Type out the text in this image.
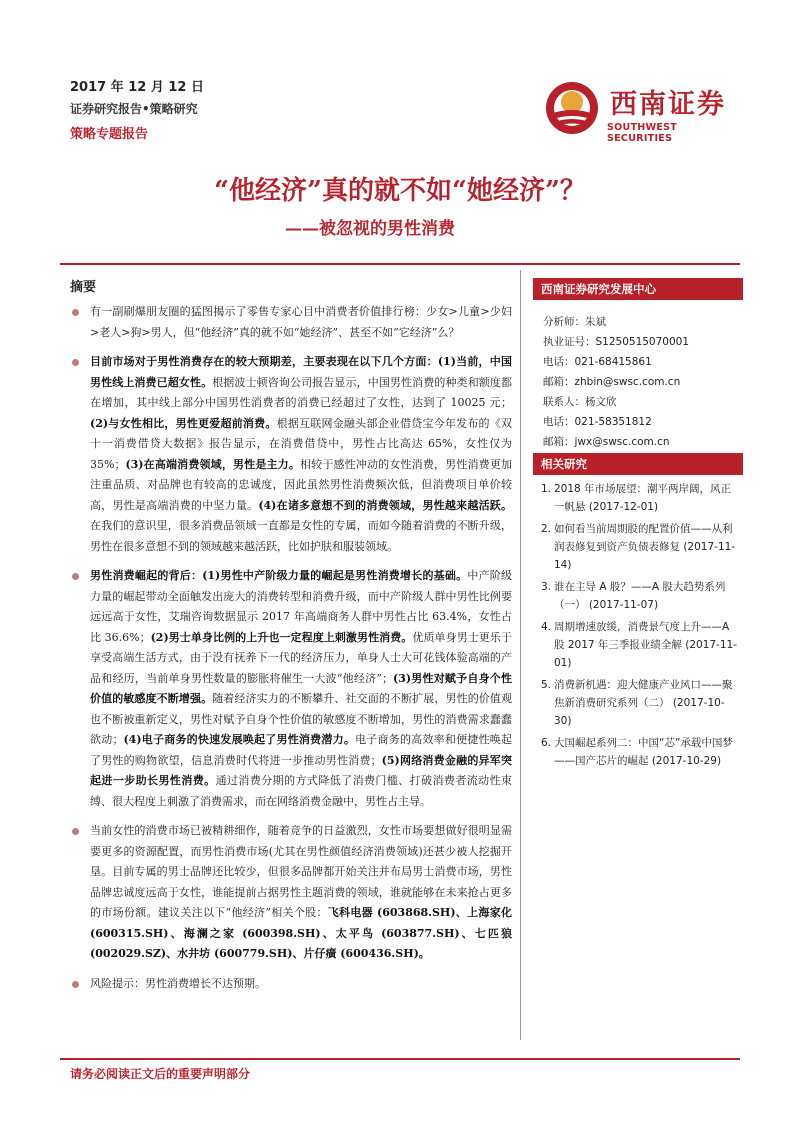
2017 年 12 月 12 日
证券研究报告•策略研究
策略专题报告
西南证券
SOUTHWEST SECURITIES
“他经济”真的就不如“她经济”？
——被忽视的男性消费
摘要

有一副刷爆朋友圈的猛图揭示了零售专家心目中消费者价值排行榜：少女>儿童>少妇>老人>狗>男人，但“他经济”真的就不如“她经济”、甚至不如“它经济”么？

目前市场对于男性消费存在的较大预期差，主要表现在以下几个方面：(1)当前，中国男性线上消费已超女性。根据波士顿咨询公司报告显示，中国男性消费的种类和额度都在增加，其中线上部分中国男性消费者的消费已经超过了女性，达到了 10025 元；(2)与女性相比，男性更爱超前消费。根据互联网金融头部企业借贷宝今年发布的《双十一消费借贷大数据》报告显示，在消费借贷中，男性占比高达 65%，女性仅为 35%；(3)在高端消费领域，男性是主力。相较于感性冲动的女性消费，男性消费更加注重品质、对品牌也有较高的忠诚度，因此虽然男性消费频次低，但消费项目单价较高，男性是高端消费的中坚力量。(4)在诸多意想不到的消费领域，男性越来越活跃。在我们的意识里，很多消费品领域一直都是女性的专属，而如今随着消费的不断升级，男性在很多意想不到的领域越来越活跃，比如护肤和服装领域。

男性消费崛起的背后：(1)男性中产阶级力量的崛起是男性消费增长的基础。中产阶级力量的崛起带动全面触发出庞大的消费转型和消费升级，而中产阶级人群中男性比例要远远高于女性，艾瑞咨询数据显示 2017 年高端商务人群中男性占比 63.4%，女性占比 36.6%；(2)男士单身比例的上升也一定程度上刺激男性消费。优质单身男士更乐于享受高端生活方式，由于没有抚养下一代的经济压力，单身人士大可花钱体验高端的产品和经历，当前单身男性数量的膨胀将催生一大波“他经济”；(3)男性对赋予自身个性价值的敏感度不断增强。随着经济实力的不断攀升、社交面的不断扩展，男性的价值观也不断被重新定义，男性对赋予自身个性价值的敏感度不断增加，男性的消费需求蠢蠢欲动；(4)电子商务的快速发展唤起了男性消费潜力。电子商务的高效率和便捷性唤起了男性的购物欲望，信息消费时代将进一步推动男性消费；(5)网络消费金融的异军突起进一步助长男性消费。通过消费分期的方式降低了消费门槛、打破消费者流动性束缚、很大程度上刺激了消费需求，而在网络消费金融中，男性占主导。

当前女性的消费市场已被精耕细作，随着竞争的日益激烈，女性市场要想做好很明显需要更多的资源配置，而男性消费市场(尤其在男性颜值经济消费领域)还甚少被人挖掘开垦。目前专属的男士品牌还比较少，但很多品牌都开始关注并布局男士消费市场，男性品牌忠诚度远高于女性，谁能提前占据男性主题消费的领域，谁就能够在未来抢占更多的市场份额。建议关注以下“他经济”相关个股：飞科电器 (603868.SH)、上海家化 (600315.SH)、海澜之家 (600398.SH)、太平鸟 (603877.SH)、七匹狼 (002029.SZ)、水井坊 (600779.SH)、片仔癀 (600436.SH)。

风险提示：男性消费增长不达预期。

西南证券研究发展中心
分析师：朱斌
执业证号：S1250515070001
电话：021-68415861
邮箱：zhbin@swsc.com.cn
联系人：杨文欣
电话：021-58351812
邮箱：jwx@swsc.com.cn
相关研究
1. 2018 年市场展望：潮平两岸阔，风正一帆悬 (2017-12-01)
2. 如何看当前周期股的配置价值——从利润表修复到资产负债表修复 (2017-11-14)
3. 谁在主导 A 股？——A 股大趋势系列（一） (2017-11-07)
4. 周期增速放缓，消费景气度上升——A 股 2017 年三季报业绩全解 (2017-11-01)
5. 消费新机遇：迎大健康产业风口——聚焦新消费研究系列（二） (2017-10-30)
6. 大国崛起系列二：中国“芯”承载中国梦——国产芯片的崛起 (2017-10-29)
请务必阅读正文后的重要声明部分
